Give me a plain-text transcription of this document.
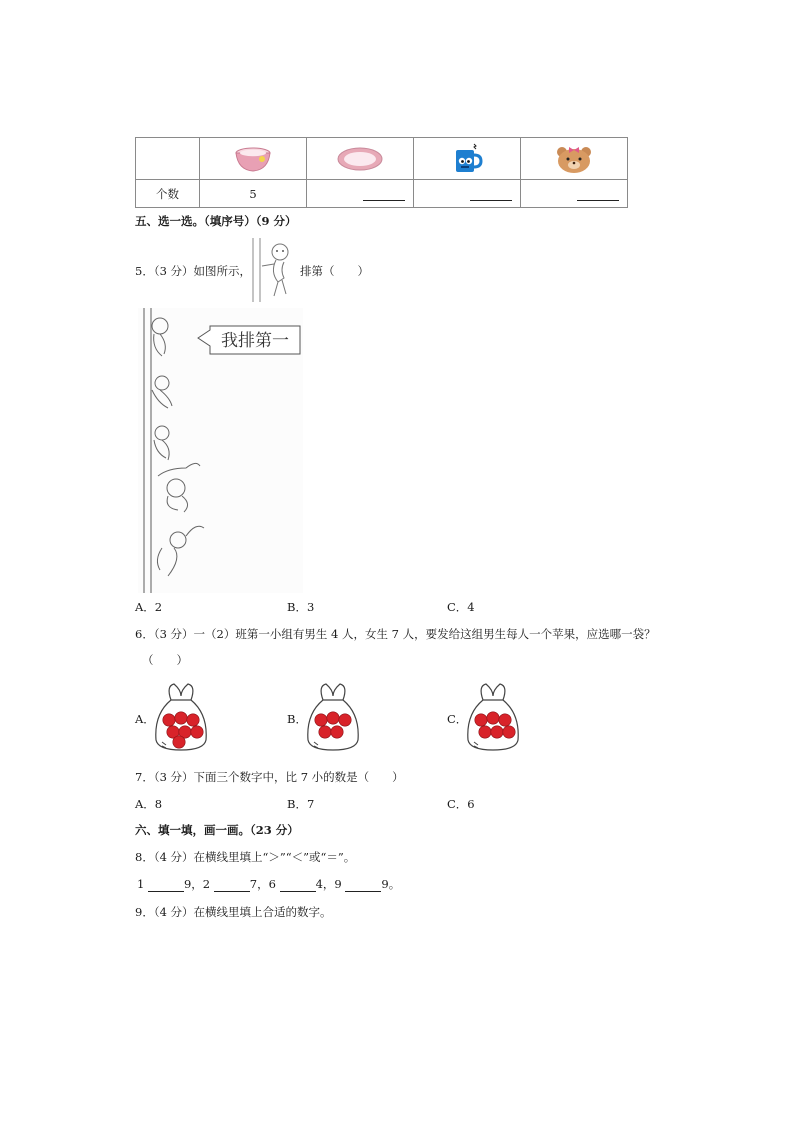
个数	5			
五、选一选。（填序号）（9 分）
5．（3 分）如图所示，	排第（　　）
我排第一
A．2	B．3	C．4
6．（3 分）一（2）班第一小组有男生 4 人，女生 7 人，要发给这组男生每人一个苹果，应选哪一袋？
（　　）
A．	B．	C．
7．（3 分）下面三个数字中，比 7 小的数是（　　）
A．8	B．7	C．6
六、填一填，画一画。（23 分）
8．（4 分）在横线里填上“＞”“＜”或“＝”。
1	9，2	7，6	4，9	9。
9．（4 分）在横线里填上合适的数字。
